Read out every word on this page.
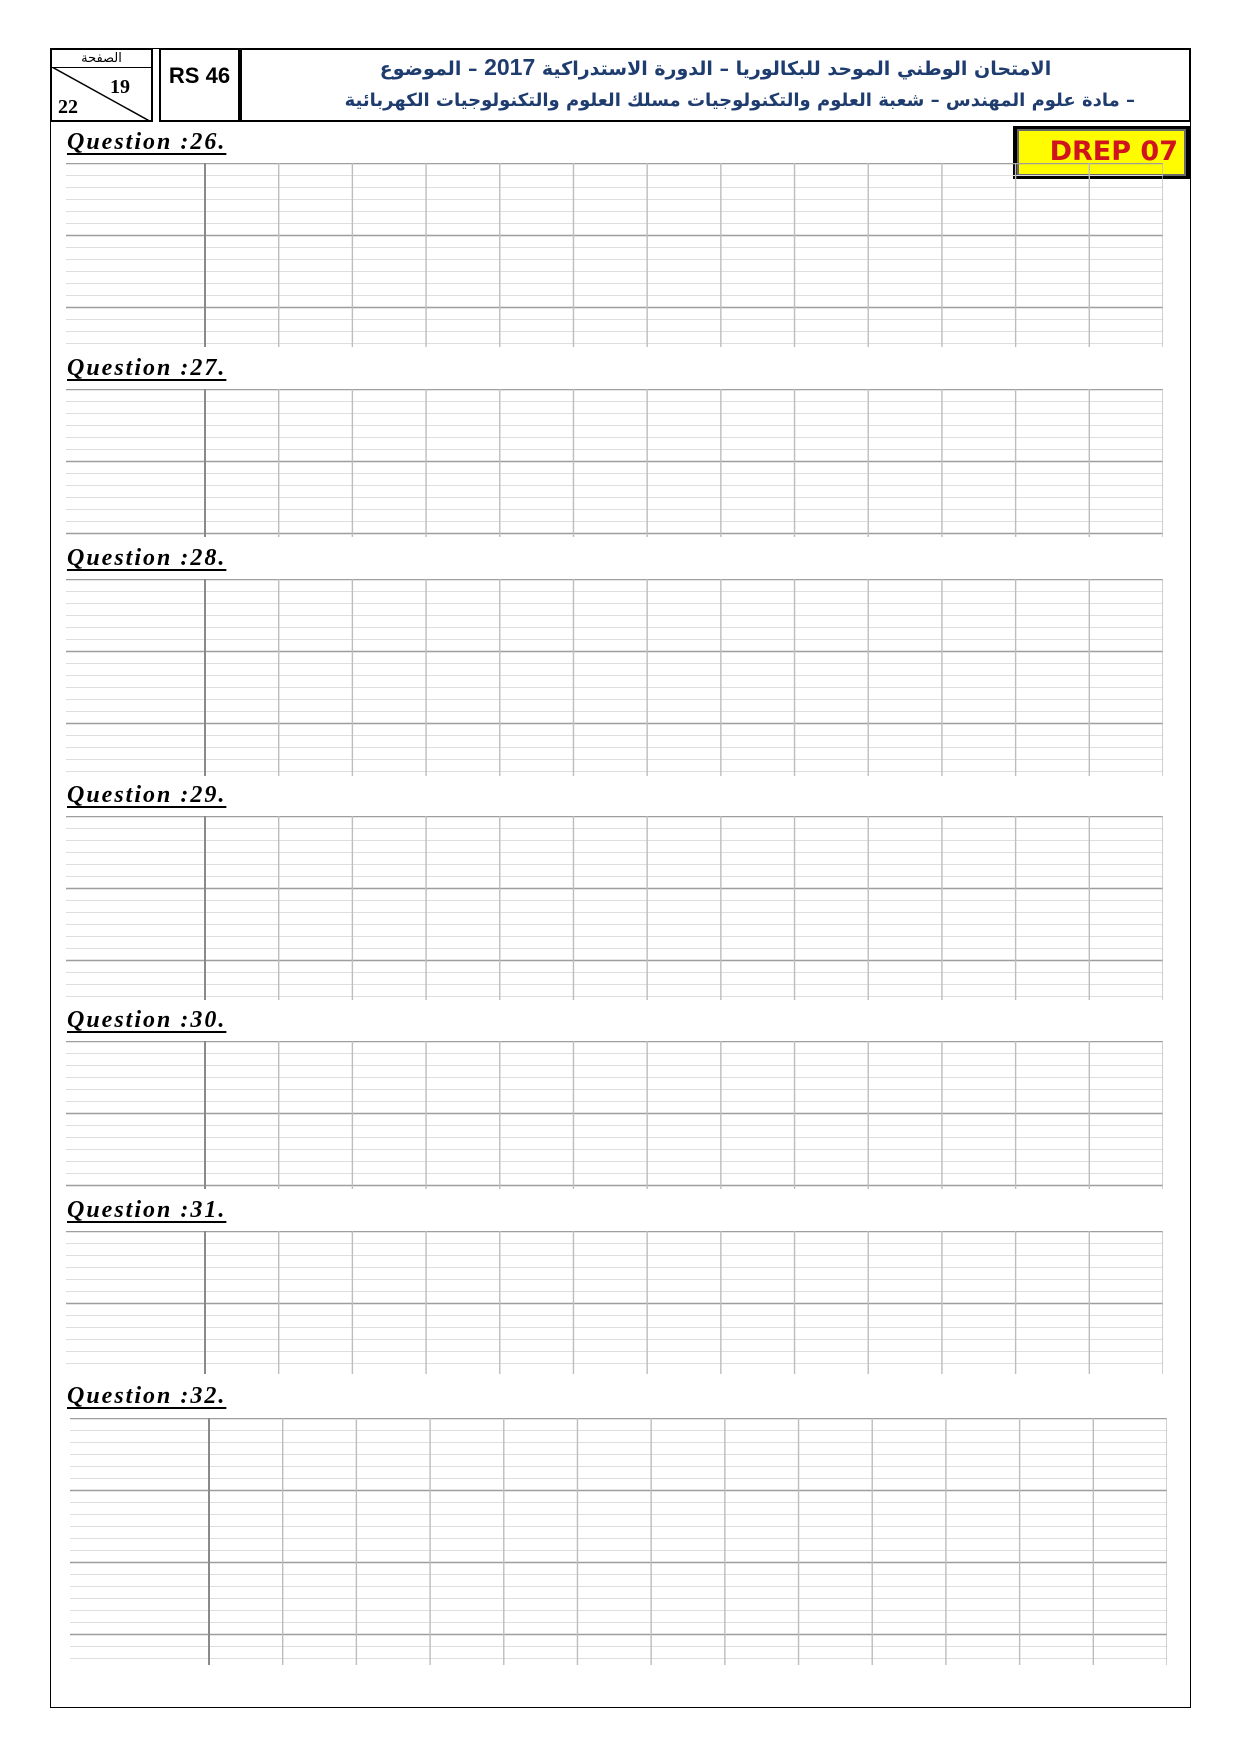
الصفحة
19
22
RS 46	الامتحان الوطني الموحد للبكالوريا – الدورة الاستدراكية 2017 – الموضوع
– مادة علوم المهندس – شعبة العلوم والتكنولوجيات مسلك العلوم والتكنولوجيات الكهربائية
DREP 07
Question :26.
Question :27.
Question :28.
Question :29.
Question :30.
Question :31.
Question :32.
